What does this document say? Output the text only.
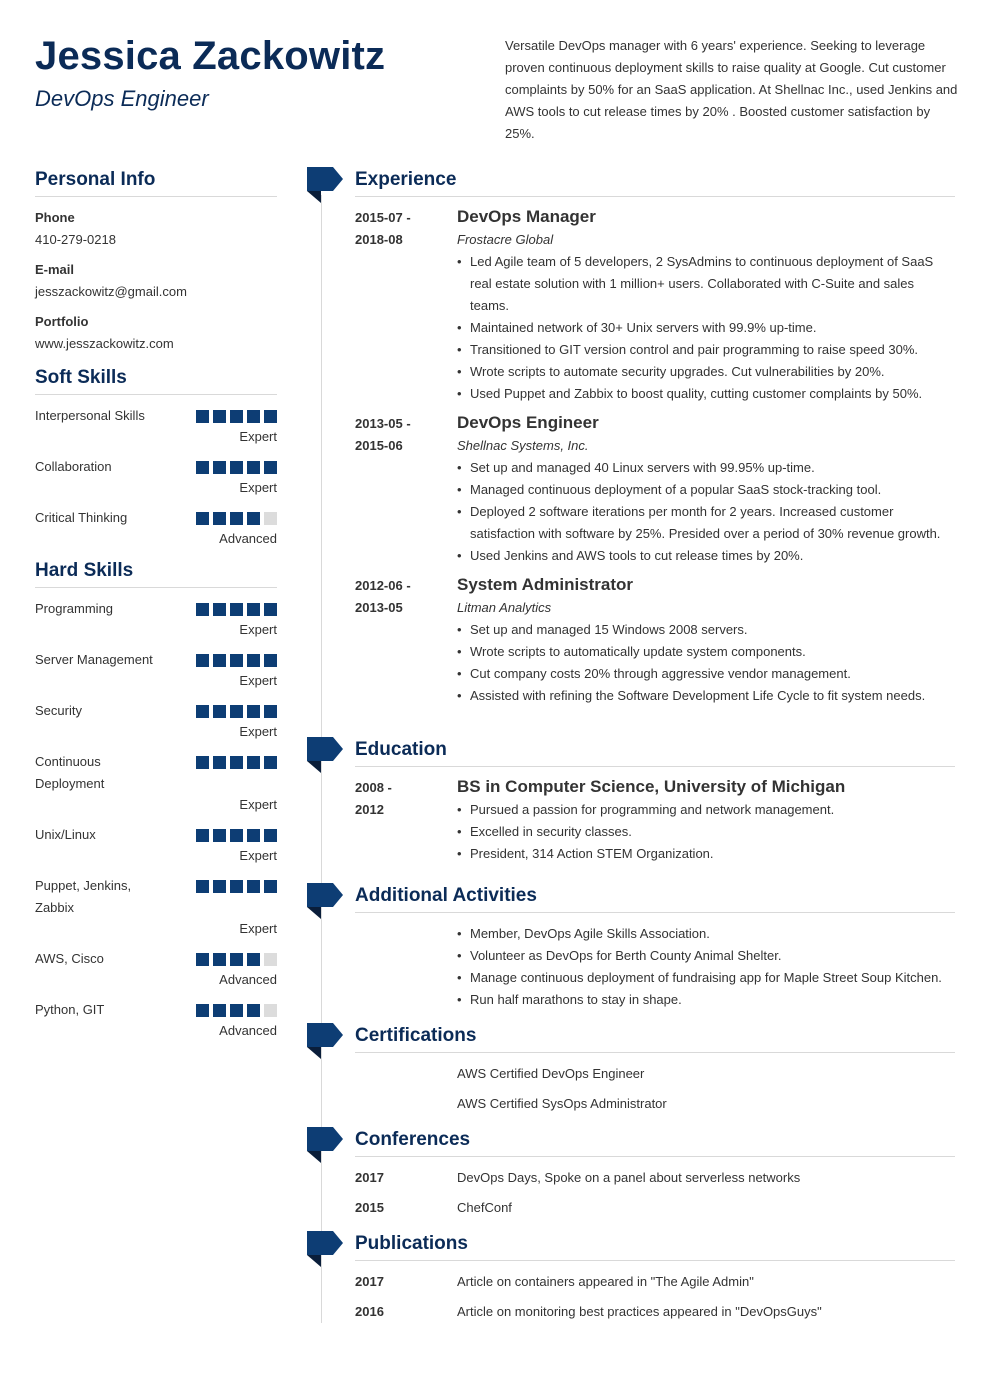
Jessica Zackowitz
DevOps Engineer
Versatile DevOps manager with 6 years' experience. Seeking to leverage proven continuous deployment skills to raise quality at Google. Cut customer complaints by 50% for an SaaS application. At Shellnac Inc., used Jenkins and AWS tools to cut release times by 20% . Boosted customer satisfaction by 25%.
Personal Info
Phone
410-279-0218
E-mail
jesszackowitz@gmail.com
Portfolio
www.jesszackowitz.com
Soft Skills
Interpersonal Skills
Expert
Collaboration
Expert
Critical Thinking
Advanced
Hard Skills
Programming
Expert
Server Management
Expert
Security
Expert
Continuous Deployment
Expert
Unix/Linux
Expert
Puppet, Jenkins, Zabbix
Expert
AWS, Cisco
Advanced
Python, GIT
Advanced
Experience
2015-07 -
2018-08
DevOps Manager
Frostacre Global
• Led Agile team of 5 developers, 2 SysAdmins to continuous deployment of SaaS real estate solution with 1 million+ users. Collaborated with C-Suite and sales teams.
• Maintained network of 30+ Unix servers with 99.9% up-time.
• Transitioned to GIT version control and pair programming to raise speed 30%.
• Wrote scripts to automate security upgrades. Cut vulnerabilities by 20%.
• Used Puppet and Zabbix to boost quality, cutting customer complaints by 50%.
2013-05 -
2015-06
DevOps Engineer
Shellnac Systems, Inc.
• Set up and managed 40 Linux servers with 99.95% up-time.
• Managed continuous deployment of a popular SaaS stock-tracking tool.
• Deployed 2 software iterations per month for 2 years. Increased customer satisfaction with software by 25%. Presided over a period of 30% revenue growth.
• Used Jenkins and AWS tools to cut release times by 20%.
2012-06 -
2013-05
System Administrator
Litman Analytics
• Set up and managed 15 Windows 2008 servers.
• Wrote scripts to automatically update system components.
• Cut company costs 20% through aggressive vendor management.
• Assisted with refining the Software Development Life Cycle to fit system needs.
Education
2008 -
2012
BS in Computer Science, University of Michigan
• Pursued a passion for programming and network management.
• Excelled in security classes.
• President, 314 Action STEM Organization.
Additional Activities
• Member, DevOps Agile Skills Association.
• Volunteer as DevOps for Berth County Animal Shelter.
• Manage continuous deployment of fundraising app for Maple Street Soup Kitchen.
• Run half marathons to stay in shape.
Certifications
AWS Certified DevOps Engineer
AWS Certified SysOps Administrator
Conferences
2017	DevOps Days, Spoke on a panel about serverless networks
2015	ChefConf
Publications
2017	Article on containers appeared in "The Agile Admin"
2016	Article on monitoring best practices appeared in "DevOpsGuys"
